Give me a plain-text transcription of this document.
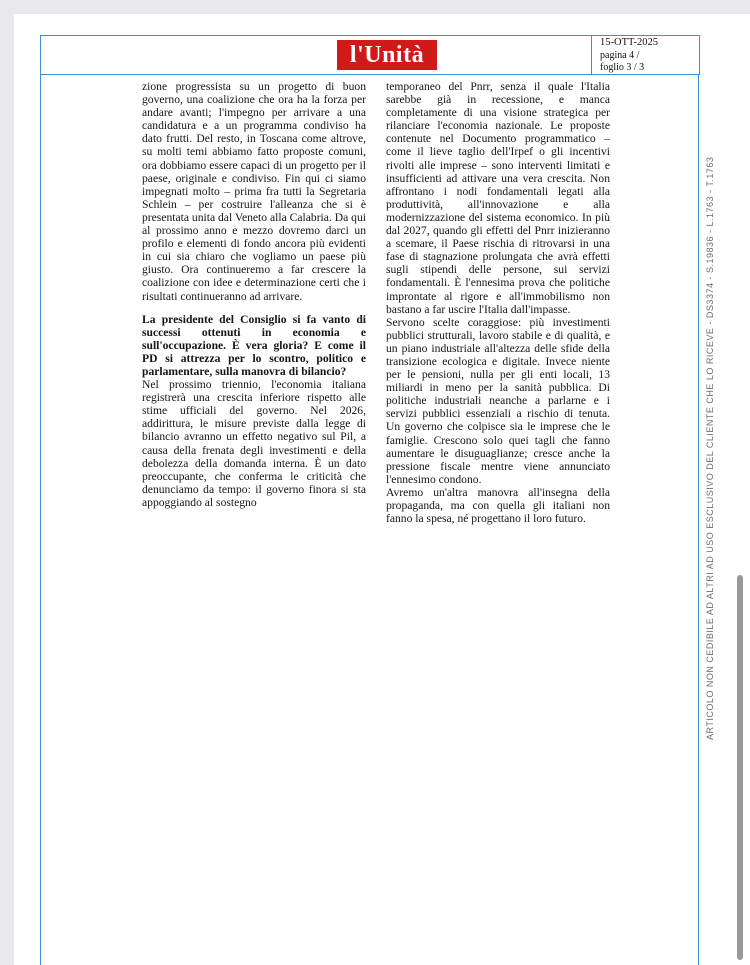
l'Unità	15-OTT-2025
pagina 4 /
foglio 3 / 3

zione progressista su un progetto di buon governo, una coalizione che ora ha la forza per andare avanti; l'impegno per arrivare a una candidatura e a un programma condiviso ha dato frutti. Del resto, in Toscana come altrove, su molti temi abbiamo fatto proposte comuni, ora dobbiamo essere capaci di un progetto per il paese, originale e condiviso. Fin qui ci siamo impegnati molto – prima fra tutti la Segretaria Schlein – per costruire l'alleanza che si è presentata unita dal Veneto alla Calabria. Da qui al prossimo anno e mezzo dovremo darci un profilo e elementi di fondo ancora più evidenti in cui sia chiaro che vogliamo un paese più giusto. Ora continueremo a far crescere la coalizione con idee e determinazione certi che i risultati continueranno ad arrivare.

La presidente del Consiglio si fa vanto di successi ottenuti in economia e sull'occupazione. È vera gloria? E come il PD si attrezza per lo scontro, politico e parlamentare, sulla manovra di bilancio?

Nel prossimo triennio, l'economia italiana registrerà una crescita inferiore rispetto alle stime ufficiali del governo. Nel 2026, addirittura, le misure previste dalla legge di bilancio avranno un effetto negativo sul Pil, a causa della frenata degli investimenti e della debolezza della domanda interna. È un dato preoccupante, che conferma le criticità che denunciamo da tempo: il governo finora si sta appoggiando al sostegno

temporaneo del Pnrr, senza il quale l'Italia sarebbe già in recessione, e manca completamente di una visione strategica per rilanciare l'economia nazionale. Le proposte contenute nel Documento programmatico – come il lieve taglio dell'Irpef o gli incentivi rivolti alle imprese – sono interventi limitati e insufficienti ad attivare una vera crescita. Non affrontano i nodi fondamentali legati alla produttività, all'innovazione e alla modernizzazione del sistema economico. In più dal 2027, quando gli effetti del Pnrr inizieranno a scemare, il Paese rischia di ritrovarsi in una fase di stagnazione prolungata che avrà effetti sugli stipendi delle persone, sui servizi fondamentali. È l'ennesima prova che politiche improntate al rigore e all'immobilismo non bastano a far uscire l'Italia dall'impasse.

Servono scelte coraggiose: più investimenti pubblici strutturali, lavoro stabile e di qualità, e un piano industriale all'altezza delle sfide della transizione ecologica e digitale. Invece niente per le pensioni, nulla per gli enti locali, 13 miliardi in meno per la sanità pubblica. Di politiche industriali neanche a parlarne e i servizi pubblici essenziali a rischio di tenuta. Un governo che colpisce sia le imprese che le famiglie. Crescono solo quei tagli che fanno aumentare le disuguaglianze; cresce anche la pressione fiscale mentre viene annunciato l'ennesimo condono.

Avremo un'altra manovra all'insegna della propaganda, ma con quella gli italiani non fanno la spesa, né progettano il loro futuro.	ARTICOLO NON CEDIBILE AD ALTRI AD USO ESCLUSIVO DEL CLIENTE CHE LO RICEVE - DS3374 - S.19836 - L.1763 - T.1763
